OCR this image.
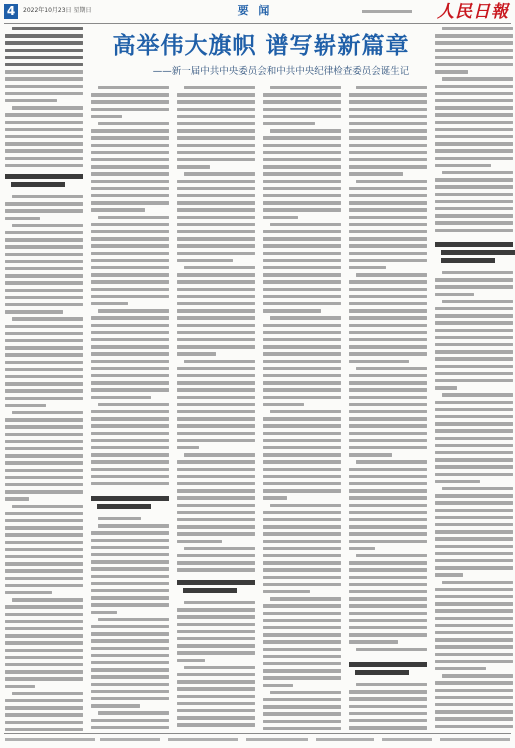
4	2022年10月23日 星期日	要 闻	人民日報
高举伟大旗帜 谱写崭新篇章
——新一届中共中央委员会和中共中央纪律检查委员会诞生记
